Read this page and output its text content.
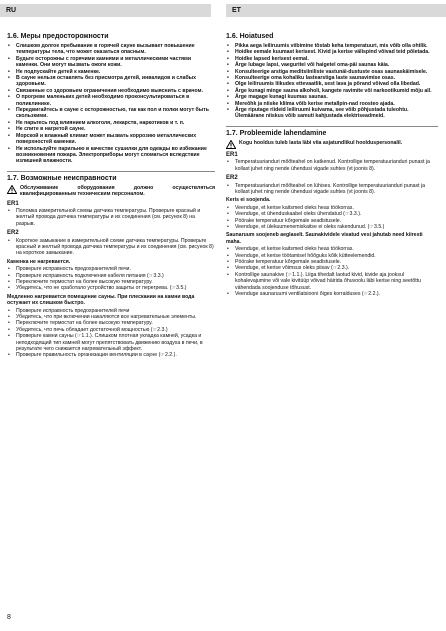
RU	ET
1.6. Меры предосторожности
• Слишком долгое пребывание в горячей сауне вызывает повышение температуры тела, что может оказаться опасным.
• Будьте осторожны с горячими камнями и металлическими частями каменки. Они могут вызвать ожоги кожи.
• Не подпускайте детей к каменке.
• В сауне нельзя оставлять без присмотра детей, инвалидов и слабых здоровьем.
• Связанные со здоровьем ограничения необходимо выяснить с врачом.
• О прогреве маленьких детей необходимо проконсультироваться в поликлинике.
• Передвигайтесь в сауне с осторожностью, так как пол и полки могут быть скользкими.
• Не парьтесь под влиянием алкоголя, лекарств, наркотиков и т. п.
• Не спите в нагретой сауне.
• Морской и влажный климат может вызвать коррозию металлических поверхностей каменки.
• Не используйте парильню в качестве сушилки для одежды во избежание возникновения пожара. Электроприборы могут сломаться вследствие излишней влажности.
1.7. Возможные неисправности
Обслуживание оборудования должно осуществляться квалифицированным техническим персоналом.
ER1
• Поломка измерительной схемы датчика температуры. Проверьте красный и желтый провода датчика температуры и их соединения (см. рисунок 8) на разрыв.
ER2
• Короткое замыкание в измерительной схеме датчика температуры. Проверьте красный и желтый провода датчика температуры и их соединения (см. рисунок 8) на короткое замыкание.
Каменка не нагревается.
• Проверьте исправность предохранителей печи.
• Проверьте исправность подключения кабеля питания (☞3.3.)
• Переключите термостат на более высокую температуру.
• Убедитесь, что не сработало устройство защиты от перегрева. (☞3.5.)
Медленно нагревается помещение сауны. При плескании на камни вода остужает их слишком быстро.
• Проверьте исправность предохранителей печи
• Убедитесь, что при включении накаляются все нагревательные элементы.
• Переключите термостат на более высокую температуру.
• Убедитесь, что печь обладает достаточной мощностью (☞2.3.)
• Проверьте камни сауны (☞1.1.). Слишком плотная укладка камней, усадка и неподходящий тип камней могут препятствовать движению воздуха в печи, в результате чего снижается нагревательный эффект.
• Проверьте правильность организации вентиляции в сауне (☞2.2.).
1.6. Hoiatused
• Pikka aega leiliruumis viibimine tõstab keha temperatuuri, mis võib olla ohtlik.
• Hoidke eemale kuumast kerisest. Kivid ja kerise välispind võivad teid põletada.
• Hoidke lapsed kerisest eemal.
• Ärge lubage lapsi, vaeguriteì või haigetel oma-päi saunas käia.
• Konsulteerige arstiga meditsiiniliste vastunäi-dustuste osas saunaskäimisele.
• Konsulteerige oma kohaliku lastearstiga laste saunavimise osas.
• Olge leiliruumis liikudes ettevaatlik, sest lava ja põrand võivad olla libedad.
• Ärge kunagi minge sauna alkoholi, kangete ravimite või narkootikumid mõju all.
• Ärge magage kunagi kuumas saunas.
• Mereõhk ja niiske kliima võib kerise metallpin-nad roosteo ajada.
• Ärge riputage riideid leiliruumi kuivama, see võib põhjustada tuleohtu. Ülemäärane niiskus võib samuti kahjustada elektriseadmeid.
1.7. Probleemide lahendamine
Kogu hooldus tuleb lasta läbi viia asjatundlikul hoolduspersonalil.
ER1
• Temperatuurianduri mõõteahel on katkenud. Kontrollige temperatuurianduri punast ja kollast juhet ning nende ühendusi vigade suhtes (vt joonis 8).
ER2
• Temperatuurianduri mõõteahel on lühises. Kontrollige temperatuurianduri punast ja kollast juhet ning nende ühendusi vigade suhtes (vt joonis 8).
Keris ei soojenda.
• Veenduge, et kerise kaitsmed oleks heas töökorras.
• Veenduge, et ühenduskaabel oleks ühendatud (☞3.3.).
• Pöörake temperatuur kõrgemale seadistusele.
• Veenduge, et ülekuumenemiskaitse ei oleks rakendunud. (☞3.5.)
Saunaruum soojeneb aeglaselt. Saunakividele visatud vesi jahutab need kiiresti maha.
• Veenduge, et kerise kaitsmed oleks heas töökorras.
• Veenduge, et kerise töötamisel hõõguks kõik küttеelemendid.
• Pöörake temperatuur kõrgemale seadistusele.
• Veenduge, et kerise võimsus oleks piisav (☞2.3.).
• Kontrollige saunakive (☞1.1.). Liiga tihedalt laotud kivid, kivide aja jooksul kohalevajumine või vale kivitüüp võivad häirida õhuvoolu läbi kerise ning seetõttu vähendada soojenduse tõhusust.
• Veenduge saunaruumi ventilatsiooni õiges korralduses (☞2.2.).
8
